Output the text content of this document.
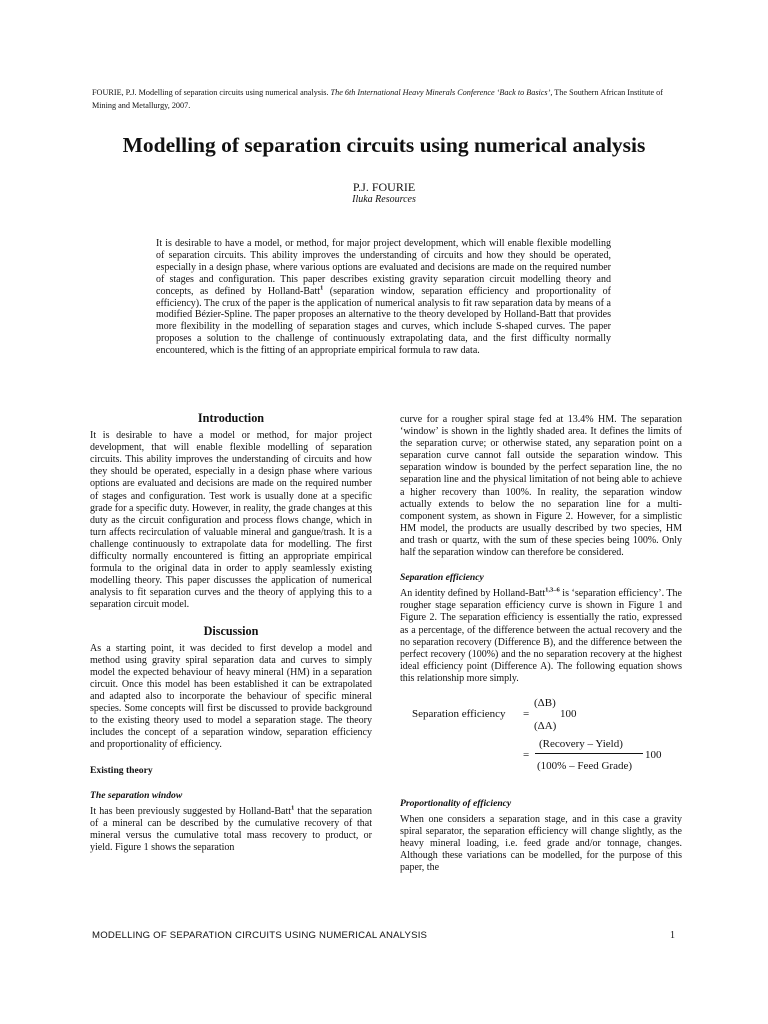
FOURIE, P.J. Modelling of separation circuits using numerical analysis. The 6th International Heavy Minerals Conference ‘Back to Basics’, The Southern African Institute of Mining and Metallurgy, 2007.
Modelling of separation circuits using numerical analysis
P.J. FOURIE
Iluka Resources
It is desirable to have a model, or method, for major project development, which will enable flexible modelling of separation circuits. This ability improves the understanding of circuits and how they should be operated, especially in a design phase, where various options are evaluated and decisions are made on the required number of stages and configuration. This paper describes existing gravity separation circuit modelling theory and concepts, as defined by Holland-Batt$^1$ (separation window, separation efficiency and proportionality of efficiency). The crux of the paper is the application of numerical analysis to fit raw separation data by means of a modified Bézier-Spline. The paper proposes an alternative to the theory developed by Holland-Batt that provides more flexibility in the modelling of separation stages and curves, which include S-shaped curves. The paper proposes a solution to the challenge of continuously extrapolating data, and the first difficulty normally encountered, which is the fitting of an appropriate empirical formula to raw data.
Introduction

It is desirable to have a model or method, for major project development, that will enable flexible modelling of separation circuits. This ability improves the understanding of circuits and how they should be operated, especially in a design phase where various options are evaluated and decisions are made on the required number of stages and configuration. Test work is usually done at a specific grade for a specific duty. However, in reality, the grade changes at this duty as the circuit configuration and process flows change, which in turn affects recirculation of valuable mineral and gangue/trash. It is a challenge continuously to extrapolate data for modelling. The first difficulty normally encountered is fitting an appropriate empirical formula to the original data in order to apply seamlessly existing modelling theory. This paper discusses the application of numerical analysis to fit separation curves and the theory of applying this to a separation circuit model.

Discussion

As a starting point, it was decided to first develop a model and method using gravity spiral separation data and curves to simply model the expected behaviour of heavy mineral (HM) in a separation circuit. Once this model has been established it can be extrapolated and adapted also to incorporate the behaviour of specific mineral species. Some concepts will first be discussed to provide background to the existing theory used to model a separation stage. The theory includes the concept of a separation window, separation efficiency and proportionality of efficiency.

Existing theory
The separation window

It has been previously suggested by Holland-Batt$^1$ that the separation of a mineral can be described by the cumulative recovery of that mineral versus the cumulative total mass recovery to product, or yield. Figure 1 shows the separation

curve for a rougher spiral stage fed at 13.4% HM. The separation ‘window’ is shown in the lightly shaded area. It defines the limits of the separation curve; or otherwise stated, any separation point on a separation curve cannot fall outside the separation window. This separation window is bounded by the perfect separation line, the no separation line and the physical limitation of not being able to achieve a higher recovery than 100%. In reality, the separation window actually extends to below the no separation line for a multi-component system, as shown in Figure 2. However, for a simplistic HM model, the products are usually described by two species, HM and trash or quartz, with the sum of these species being 100%. Only half the separation window can therefore be considered.

Separation efficiency

An identity defined by Holland-Batt$^{1,3-6}$ is ‘separation efficiency’. The rougher stage separation efficiency curve is shown in Figure 1 and Figure 2. The separation efficiency is essentially the ratio, expressed as a percentage, of the difference between the actual recovery and the no separation recovery (Difference B), and the difference between the perfect recovery (100%) and the no separation recovery at the highest ideal efficiency point (Difference A). The following equation shows this relationship more simply.

Separation efficiency =
(ΔB)
(ΔA)
100
=
(Recovery – Yield)
(100% – Feed Grade)
100
Proportionality of efficiency

When one considers a separation stage, and in this case a gravity spiral separator, the separation efficiency will change slightly, as the heavy mineral loading, i.e. feed grade and/or tonnage, changes. Although these variations can be modelled, for the purpose of this paper, the

MODELLING OF SEPARATION CIRCUITS USING NUMERICAL ANALYSIS	1
